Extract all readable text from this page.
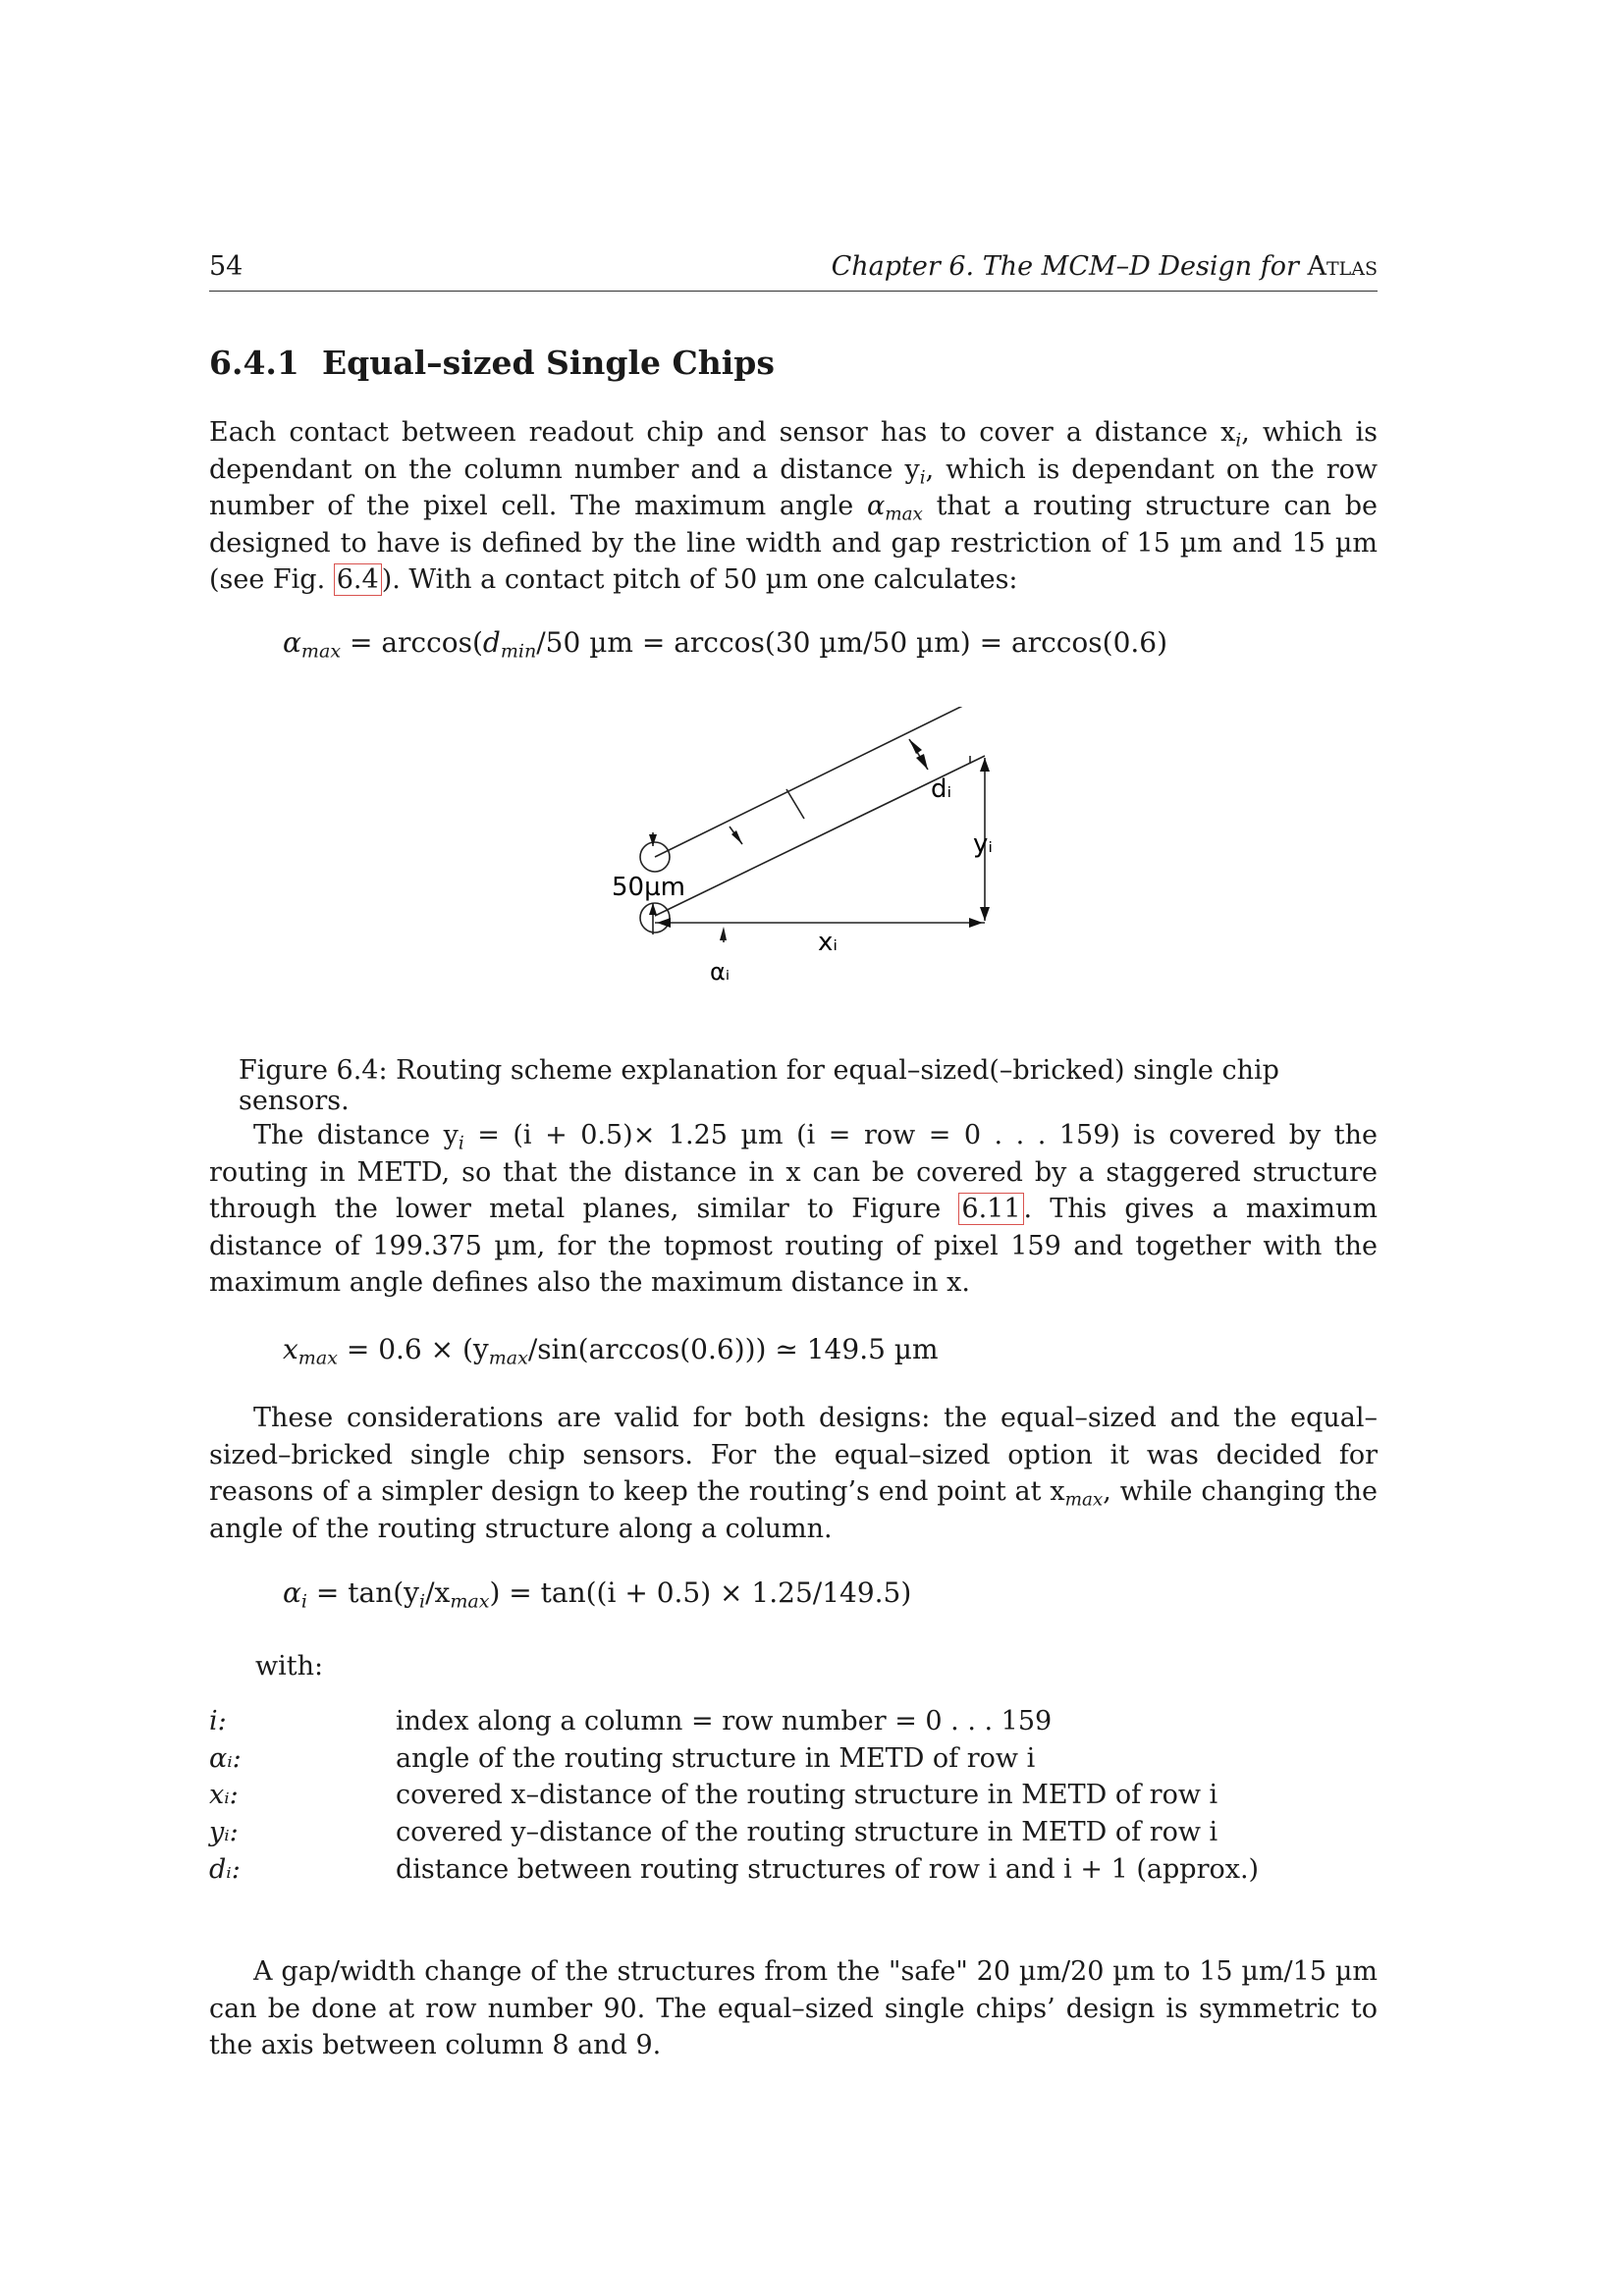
54	Chapter 6. The MCM–D Design for Atlas
6.4.1 Equal–sized Single Chips
Each contact between readout chip and sensor has to cover a distance $x_i$, which is dependant on the column number and a distance $y_i$, which is dependant on the row number of the pixel cell. The maximum angle $\alpha_{max}$ that a routing structure can be designed to have is defined by the line width and gap restriction of 15 µm and 15 µm (see Fig. 6.4 ). With a contact pitch of 50 µm one calculates:
$\alpha_{max} = \arccos(d_{min}/50$ µm = arccos(30 µm/50 µm) = arccos(0.6)
50µm
dᵢ
yᵢ
xᵢ
αᵢ
Figure 6.4: Routing scheme explanation for equal–sized(–bricked) single chip sensors.
The distance $y_i = (i + 0.5)\times 1.25$ µm (i = row = 0 . . . 159) is covered by the routing in METD, so that the distance in x can be covered by a staggered structure through the lower metal planes, similar to Figure 6.11 . This gives a maximum distance of 199.375 µm, for the topmost routing of pixel 159 and together with the maximum angle defines also the maximum distance in x.
$x_{max} = 0.6 \times (y_{max}/\sin(\arccos(0.6)))$ ≃ 149.5 µm
These considerations are valid for both designs: the equal–sized and the equal–sized–bricked single chip sensors. For the equal–sized option it was decided for reasons of a simpler design to keep the routing’s end point at $x_{max}$, while changing the angle of the routing structure along a column.
$\alpha_i = \tan(y_i/x_{max}) = \tan((i + 0.5) \times 1.25/149.5)$
with:
i:	index along a column = row number = 0 . . . 159
αᵢ:	angle of the routing structure in METD of row i
xᵢ:	covered x–distance of the routing structure in METD of row i
yᵢ:	covered y–distance of the routing structure in METD of row i
dᵢ:	distance between routing structures of row i and i + 1 (approx.)
A gap/width change of the structures from the "safe" 20 µm/20 µm to 15 µm/15 µm can be done at row number 90. The equal–sized single chips’ design is symmetric to the axis between column 8 and 9.
